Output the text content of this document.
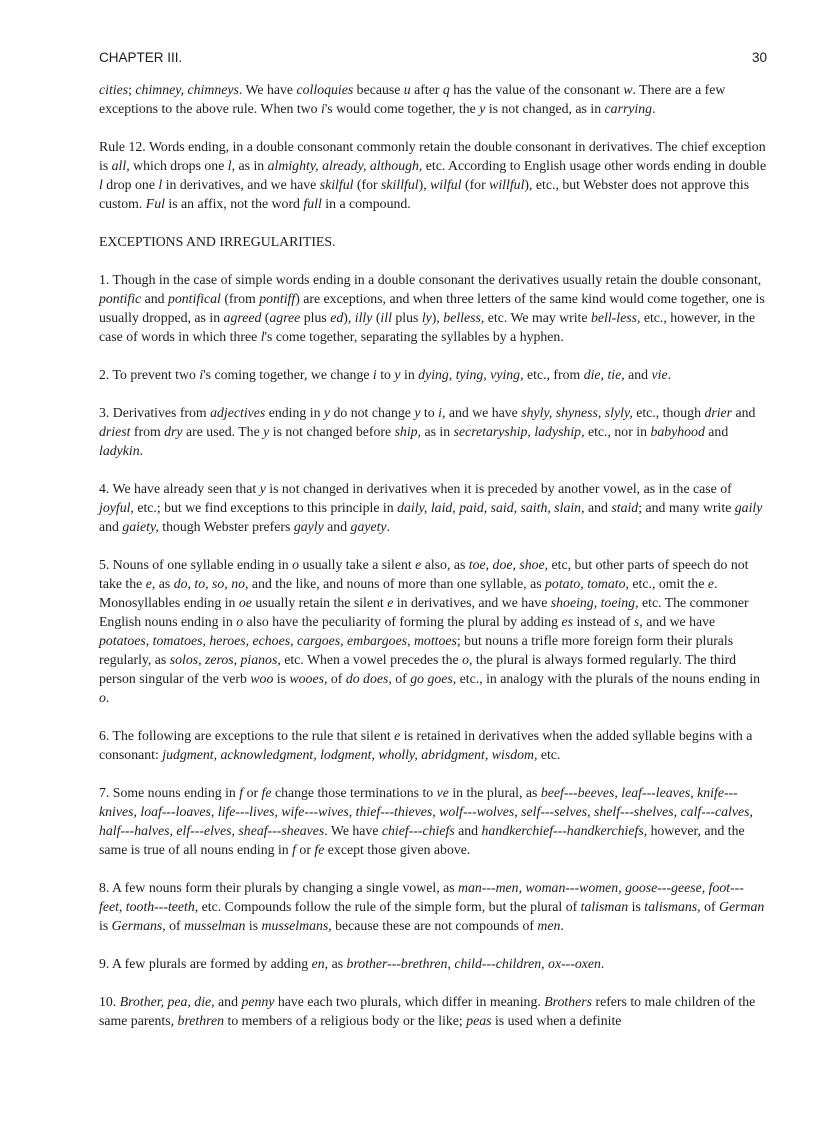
CHAPTER III.	30

cities; chimney, chimneys. We have colloquies because u after q has the value of the consonant w. There are a few exceptions to the above rule. When two i's would come together, the y is not changed, as in carrying.

Rule 12. Words ending, in a double consonant commonly retain the double consonant in derivatives. The chief exception is all, which drops one l, as in almighty, already, although, etc. According to English usage other words ending in double l drop one l in derivatives, and we have skilful (for skillful), wilful (for willful), etc., but Webster does not approve this custom. Ful is an affix, not the word full in a compound.

EXCEPTIONS AND IRREGULARITIES.

1. Though in the case of simple words ending in a double consonant the derivatives usually retain the double consonant, pontific and pontifical (from pontiff) are exceptions, and when three letters of the same kind would come together, one is usually dropped, as in agreed (agree plus ed), illy (ill plus ly), belless, etc. We may write bell-less, etc., however, in the case of words in which three l's come together, separating the syllables by a hyphen.

2. To prevent two i's coming together, we change i to y in dying, tying, vying, etc., from die, tie, and vie.

3. Derivatives from adjectives ending in y do not change y to i, and we have shyly, shyness, slyly, etc., though drier and driest from dry are used. The y is not changed before ship, as in secretaryship, ladyship, etc., nor in babyhood and ladykin.

4. We have already seen that y is not changed in derivatives when it is preceded by another vowel, as in the case of joyful, etc.; but we find exceptions to this principle in daily, laid, paid, said, saith, slain, and staid; and many write gaily and gaiety, though Webster prefers gayly and gayety.

5. Nouns of one syllable ending in o usually take a silent e also, as toe, doe, shoe, etc, but other parts of speech do not take the e, as do, to, so, no, and the like, and nouns of more than one syllable, as potato, tomato, etc., omit the e. Monosyllables ending in oe usually retain the silent e in derivatives, and we have shoeing, toeing, etc. The commoner English nouns ending in o also have the peculiarity of forming the plural by adding es instead of s, and we have potatoes, tomatoes, heroes, echoes, cargoes, embargoes, mottoes; but nouns a trifle more foreign form their plurals regularly, as solos, zeros, pianos, etc. When a vowel precedes the o, the plural is always formed regularly. The third person singular of the verb woo is wooes, of do does, of go goes, etc., in analogy with the plurals of the nouns ending in o.

6. The following are exceptions to the rule that silent e is retained in derivatives when the added syllable begins with a consonant: judgment, acknowledgment, lodgment, wholly, abridgment, wisdom, etc.

7. Some nouns ending in f or fe change those terminations to ve in the plural, as beef---beeves, leaf---leaves, knife---knives, loaf---loaves, life---lives, wife---wives, thief---thieves, wolf---wolves, self---selves, shelf---shelves, calf---calves, half---halves, elf---elves, sheaf---sheaves. We have chief---chiefs and handkerchief---handkerchiefs, however, and the same is true of all nouns ending in f or fe except those given above.

8. A few nouns form their plurals by changing a single vowel, as man---men, woman---women, goose---geese, foot---feet, tooth---teeth, etc. Compounds follow the rule of the simple form, but the plural of talisman is talismans, of German is Germans, of musselman is musselmans, because these are not compounds of men.

9. A few plurals are formed by adding en, as brother---brethren, child---children, ox---oxen.

10. Brother, pea, die, and penny have each two plurals, which differ in meaning. Brothers refers to male children of the same parents, brethren to members of a religious body or the like; peas is used when a definite
